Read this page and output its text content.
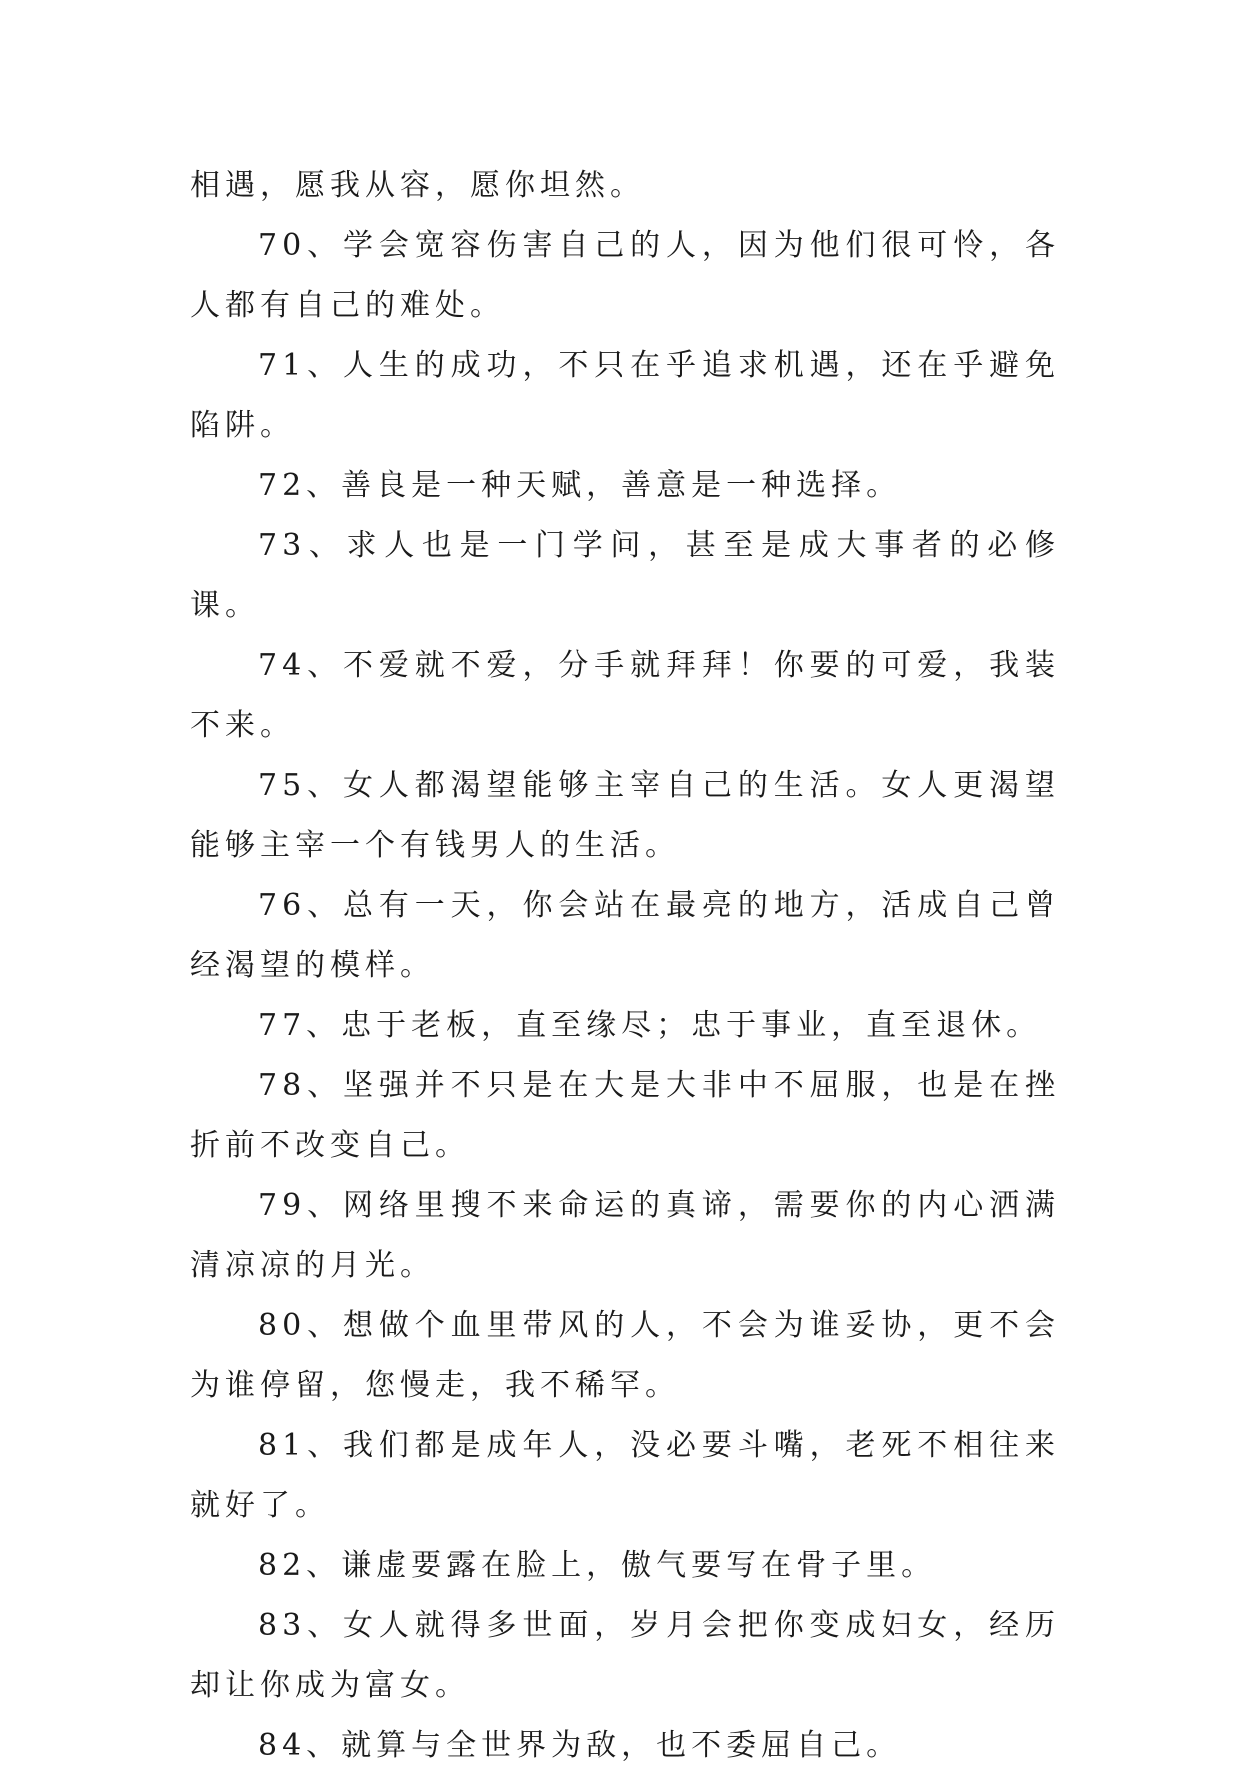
相遇，愿我从容，愿你坦然。

70、学会宽容伤害自己的人，因为他们很可怜，各人都有自己的难处。

71、人生的成功，不只在乎追求机遇，还在乎避免陷阱。

72、善良是一种天赋，善意是一种选择。

73、求人也是一门学问，甚至是成大事者的必修课。

74、不爱就不爱，分手就拜拜！你要的可爱，我装不来。

75、女人都渴望能够主宰自己的生活。女人更渴望能够主宰一个有钱男人的生活。

76、总有一天，你会站在最亮的地方，活成自己曾经渴望的模样。

77、忠于老板，直至缘尽；忠于事业，直至退休。

78、坚强并不只是在大是大非中不屈服，也是在挫折前不改变自己。

79、网络里搜不来命运的真谛，需要你的内心洒满清凉凉的月光。

80、想做个血里带风的人，不会为谁妥协，更不会为谁停留，您慢走，我不稀罕。

81、我们都是成年人，没必要斗嘴，老死不相往来就好了。

82、谦虚要露在脸上，傲气要写在骨子里。

83、女人就得多世面，岁月会把你变成妇女，经历却让你成为富女。

84、就算与全世界为敌，也不委屈自己。
